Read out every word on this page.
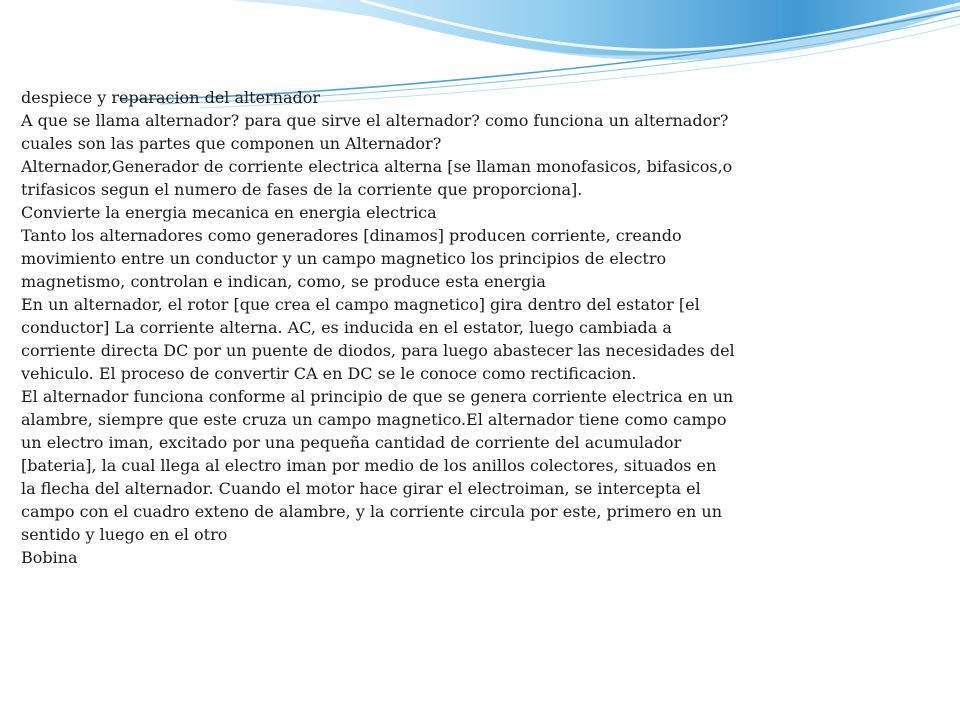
despiece y reparacion del alternador
A que se llama alternador? para que sirve el alternador? como funciona un alternador?
cuales son las partes que componen un Alternador?
Alternador,Generador de corriente electrica alterna [se llaman monofasicos, bifasicos,o
trifasicos segun el numero de fases de la corriente que proporciona].
Convierte la energia mecanica en energia electrica
Tanto los alternadores como generadores [dinamos] producen corriente, creando
movimiento entre un conductor y un campo magnetico los principios de electro
magnetismo, controlan e indican, como, se produce esta energia
En un alternador, el rotor [que crea el campo magnetico] gira dentro del estator [el
conductor] La corriente alterna. AC, es inducida en el estator, luego cambiada a
corriente directa DC por un puente de diodos, para luego abastecer las necesidades del
vehiculo. El proceso de convertir CA en DC se le conoce como rectificacion.
El alternador funciona conforme al principio de que se genera corriente electrica en un
alambre, siempre que este cruza un campo magnetico.El alternador tiene como campo
un electro iman, excitado por una pequeña cantidad de corriente del acumulador
[bateria], la cual llega al electro iman por medio de los anillos colectores, situados en
la flecha del alternador. Cuando el motor hace girar el electroiman, se intercepta el
campo con el cuadro exteno de alambre, y la corriente circula por este, primero en un
sentido y luego en el otro
Bobina
